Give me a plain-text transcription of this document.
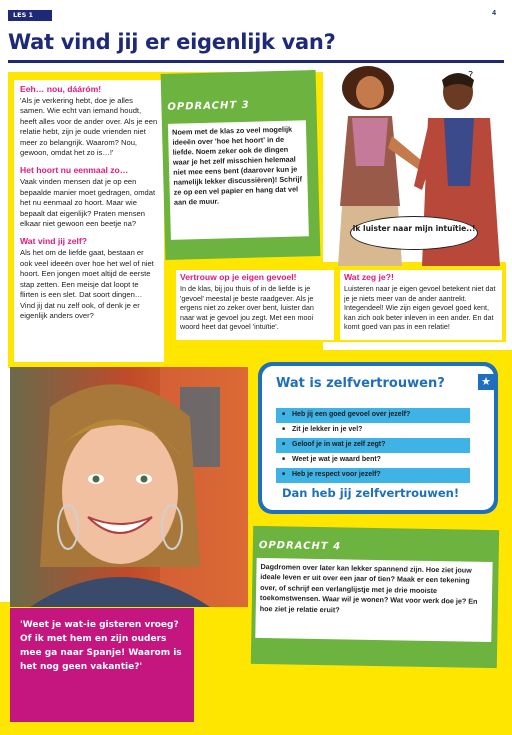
LES 1	4
Wat vind jij er eigenlijk van?
Eeh… nou, dááróm!
'Als je verkering hebt, doe je alles samen. Wie echt van iemand houdt, heeft alles voor de ander over. Als je een relatie hebt, zijn je oude vrienden niet meer zo belangrijk. Waarom? Nou, gewoon, omdat het zo is…!'
Het hoort nu eenmaal zo…
Vaak vinden mensen dat je op een bepaalde manier moet gedragen, omdat het nu eenmaal zo hoort. Maar wie bepaalt dat eigenlijk? Praten mensen elkaar niet gewoon een beetje na?
Wat vind jij zelf?
Als het om de liefde gaat, bestaan er ook veel ideeën over hoe het wel of niet hoort. Een jongen moet altijd de eerste stap zetten. Een meisje dat loopt te flirten is een slet. Dat soort dingen… Vind jij dat nu zelf ook, of denk je er eigenlijk anders over?
OPDRACHT 3
Noem met de klas zo veel mogelijk ideeën over 'hoe het hoort' in de liefde. Noem zeker ook de dingen waar je het zelf misschien helemaal niet mee eens bent (daarover kun je namelijk lekker discussiëren)! Schrijf ze op een vel papier en hang dat vel aan de muur.
?
Ik luister naar mijn intuïtie..!
Vertrouw op je eigen gevoel!
In de klas, bij jou thuis of in de liefde is je 'gevoel' meestal je beste raadgever. Als je ergens niet zo zeker over bent, luister dan naar wat je gevoel jou zegt. Met een mooi woord heet dat gevoel 'intuïtie'.
Wat zeg je?!
Luisteren naar je eigen gevoel betekent niet dat je je niets meer van de ander aantrekt. Integendeel! Wie zijn eigen gevoel goed kent, kan zich ook beter inleven in een ander. En dat komt goed van pas in een relatie!
'Weet je wat-ie gisteren vroeg? Of ik met hem en zijn ouders mee ga naar Spanje! Waarom is het nog geen vakantie?'
★
Wat is zelfvertrouwen?
■ Heb jij een goed gevoel over jezelf?
■ Zit je lekker in je vel?
■ Geloof je in wat je zelf zegt?
■ Weet je wat je waard bent?
■ Heb je respect voor jezelf?
Dan heb jij zelfvertrouwen!
OPDRACHT 4
Dagdromen over later kan lekker spannend zijn. Hoe ziet jouw ideale leven er uit over een jaar of tien? Maak er een tekening over, of schrijf een verlanglijstje met je drie mooiste toekomstwensen. Waar wil je wonen? Wat voor werk doe je? En hoe ziet je relatie eruit?
